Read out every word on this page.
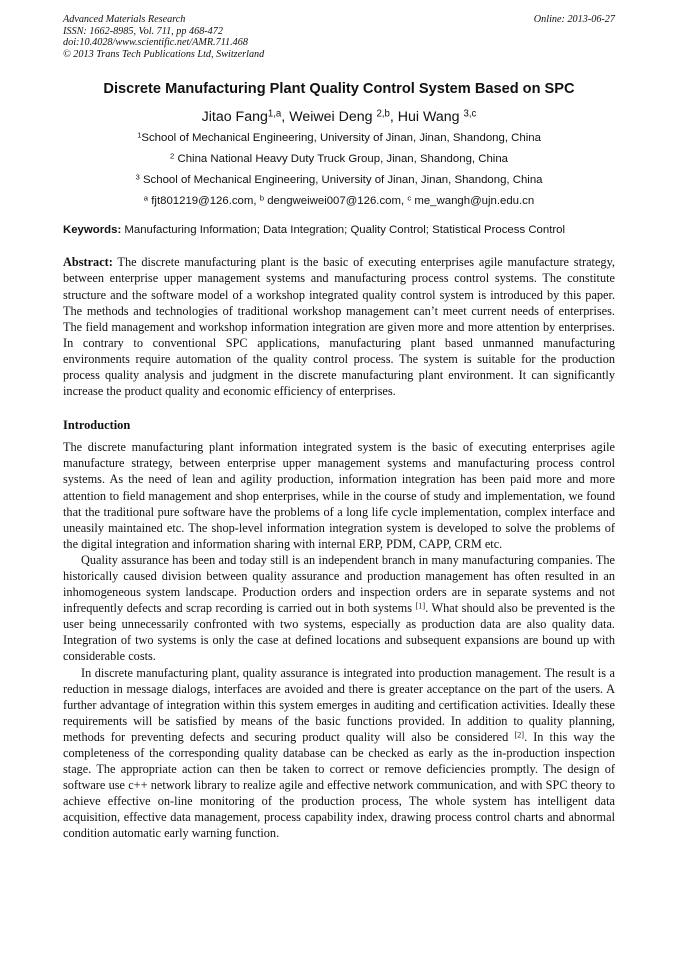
Advanced Materials Research	Online: 2013-06-27
ISSN: 1662-8985, Vol. 711, pp 468-472
doi:10.4028/www.scientific.net/AMR.711.468
© 2013 Trans Tech Publications Ltd, Switzerland
Discrete Manufacturing Plant Quality Control System Based on SPC
Jitao Fang$^{1,a}$, Weiwei Deng $^{2,b}$, Hui Wang $^{3,c}$
$^1$School of Mechanical Engineering, University of Jinan, Jinan, Shandong, China
$^2$ China National Heavy Duty Truck Group, Jinan, Shandong, China
$^3$ School of Mechanical Engineering, University of Jinan, Jinan, Shandong, China
$^a$ fjt801219@126.com, $^b$ dengweiwei007@126.com, $^c$ me_wangh@ujn.edu.cn
Keywords: Manufacturing Information; Data Integration; Quality Control; Statistical Process Control
Abstract: The discrete manufacturing plant is the basic of executing enterprises agile manufacture strategy, between enterprise upper management systems and manufacturing process control systems. The constitute structure and the software model of a workshop integrated quality control system is introduced by this paper. The methods and technologies of traditional workshop management can’t meet current needs of enterprises. The field management and workshop information integration are given more and more attention by enterprises. In contrary to conventional SPC applications, manufacturing plant based unmanned manufacturing environments require automation of the quality control process. The system is suitable for the production process quality analysis and judgment in the discrete manufacturing plant environment. It can significantly increase the product quality and economic efficiency of enterprises.
Introduction

The discrete manufacturing plant information integrated system is the basic of executing enterprises agile manufacture strategy, between enterprise upper management systems and manufacturing process control systems. As the need of lean and agility production, information integration has been paid more and more attention to field management and shop enterprises, while in the course of study and implementation, we found that the traditional pure software have the problems of a long life cycle implementation, complex interface and uneasily maintained etc. The shop-level information integration system is developed to solve the problems of the digital integration and information sharing with internal ERP, PDM, CAPP, CRM etc.

Quality assurance has been and today still is an independent branch in many manufacturing companies. The historically caused division between quality assurance and production management has often resulted in an inhomogeneous system landscape. Production orders and inspection orders are in separate systems and not infrequently defects and scrap recording is carried out in both systems [1]. What should also be prevented is the user being unnecessarily confronted with two systems, especially as production data are also quality data. Integration of two systems is only the case at defined locations and subsequent expansions are bound up with considerable costs.

In discrete manufacturing plant, quality assurance is integrated into production management. The result is a reduction in message dialogs, interfaces are avoided and there is greater acceptance on the part of the users. A further advantage of integration within this system emerges in auditing and certification activities. Ideally these requirements will be satisfied by means of the basic functions provided. In addition to quality planning, methods for preventing defects and securing product quality will also be considered [2]. In this way the completeness of the corresponding quality database can be checked as early as the in-production inspection stage. The appropriate action can then be taken to correct or remove deficiencies promptly. The design of software use c++ network library to realize agile and effective network communication, and with SPC theory to achieve effective on-line monitoring of the production process, The whole system has intelligent data acquisition, effective data management, process capability index, drawing process control charts and abnormal condition automatic early warning function.
